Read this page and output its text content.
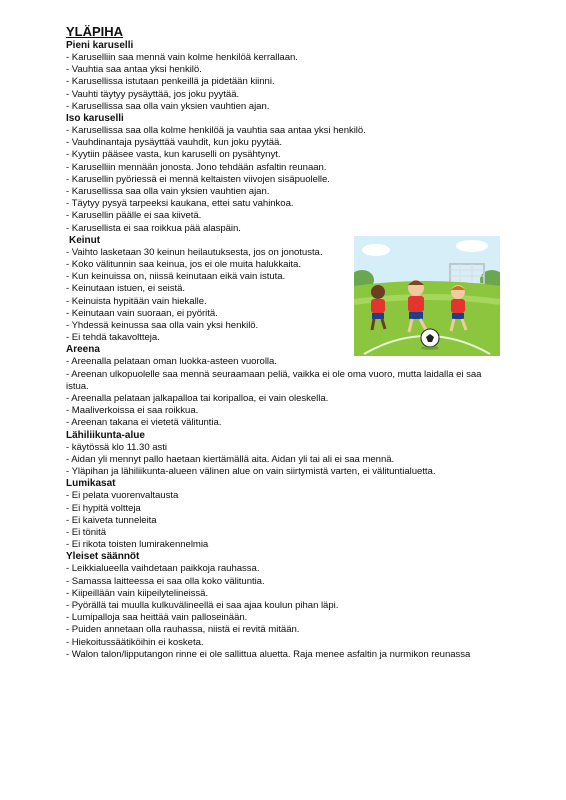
YLÄPIHA
Pieni karuselli
- Karuselliin saa mennä vain kolme henkilöä kerrallaan.
- Vauhtia saa antaa yksi henkilö.
- Karusellissa istutaan penkeillä ja pidetään kiinni.
- Vauhti täytyy pysäyttää, jos joku pyytää.
- Karusellissa saa olla vain yksien vauhtien ajan.
Iso karuselli
- Karusellissa saa olla kolme henkilöä ja vauhtia saa antaa yksi henkilö.
- Vauhdinantaja pysäyttää vauhdit, kun joku pyytää.
- Kyytiin pääsee vasta, kun karuselli on pysähtynyt.
- Karuselliin mennään jonosta. Jono tehdään asfaltin reunaan.
- Karusellin pyöriessä ei mennä keltaisten viivojen sisäpuolelle.
- Karusellissa saa olla vain yksien vauhtien ajan.
- Täytyy pysyä tarpeeksi kaukana, ettei satu vahinkoa.
- Karusellin päälle ei saa kiivetä.
- Karusellista ei saa roikkua pää alaspäin.
Keinut
- Vaihto lasketaan 30 keinun heilautuksesta, jos on jonotusta.
- Koko välitunnin saa keinua, jos ei ole muita halukkaita.
- Kun keinuissa on, niissä keinutaan eikä vain istuta.
- Keinutaan istuen, ei seistä.
- Keinuista hypitään vain hiekalle.
- Keinutaan vain suoraan, ei pyöritä.
- Yhdessä keinussa saa olla vain yksi henkilö.
- Ei tehdä takavoltteja.
Areena
- Areenalla pelataan oman luokka-asteen vuorolla.
- Areenan ulkopuolelle saa mennä seuraamaan peliä, vaikka ei ole oma vuoro, mutta laidalla ei saa istua.
- Areenalla pelataan jalkapalloa tai koripalloa, ei vain oleskella.
- Maaliverkoissa ei saa roikkua.
- Areenan takana ei vietetä välituntia.
Lähiliikunta-alue
- käytössä klo 11.30 asti
- Aidan yli mennyt pallo haetaan kiertämällä aita. Aidan yli tai ali ei saa mennä.
- Yläpihan ja lähiliikunta-alueen välinen alue on vain siirtymistä varten, ei välituntialuetta.
Lumikasat
- Ei pelata vuorenvaltausta
- Ei hypitä voltteja
- Ei kaiveta tunneleita
- Ei tönitä
- Ei rikota toisten lumirakennelmia
Yleiset säännöt
- Leikkialueella vaihdetaan paikkoja rauhassa.
- Samassa laitteessa ei saa olla koko välituntia.
- Kiipeillään vain kiipeilytelineissä.
- Pyörällä tai muulla kulkuvälineellä ei saa ajaa koulun pihan läpi.
- Lumipalloja saa heittää vain palloseinään.
- Puiden annetaan olla rauhassa, niistä ei revitä mitään.
- Hiekoitussäätiköihin ei kosketa.
- Walon talon/lipputangon rinne ei ole sallittua aluetta. Raja menee asfaltin ja nurmikon reunassa
